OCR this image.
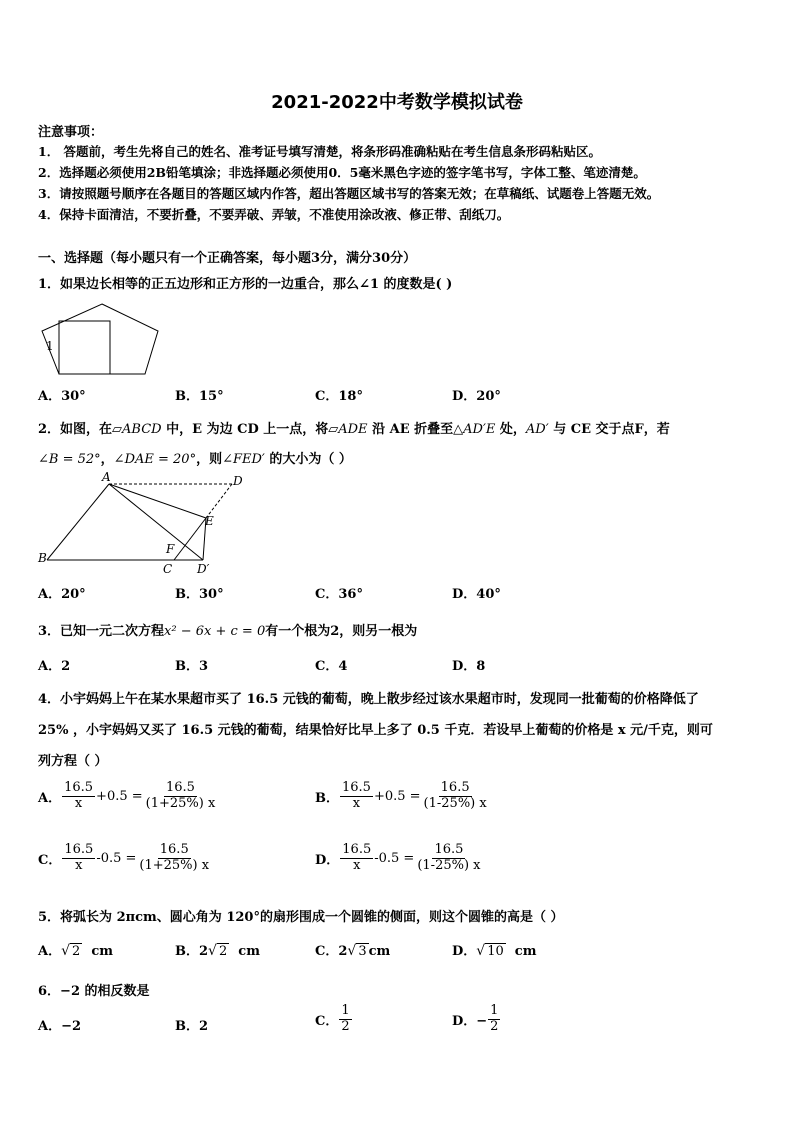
2021-2022中考数学模拟试卷
注意事项：
1． 答题前，考生先将自己的姓名、准考证号填写清楚，将条形码准确粘贴在考生信息条形码粘贴区。
2．选择题必须使用2B铅笔填涂；非选择题必须使用0．5毫米黑色字迹的签字笔书写，字体工整、笔迹清楚。
3．请按照题号顺序在各题目的答题区域内作答，超出答题区域书写的答案无效；在草稿纸、试题卷上答题无效。
4．保持卡面清洁，不要折叠，不要弄破、弄皱，不准使用涂改液、修正带、刮纸刀。
一、选择题（每小题只有一个正确答案，每小题3分，满分30分）
1．如果边长相等的正五边形和正方形的一边重合，那么∠1 的度数是( )
1
A．30°	B．15°	C．18°	D．20°
2．如图，在▱ABCD 中，E 为边 CD 上一点，将▱ADE 沿 AE 折叠至△AD′E 处，AD′ 与 CE 交于点F，若
∠B = 52°，∠DAE = 20°，则∠FED′ 的大小为（ ）
A	D
E
B
F
C D′
A．20°	B．30°	C．36°	D．40°
3．已知一元二次方程x² − 6x + c = 0有一个根为2，则另一根为
A．2	B．3	C．4	D．8
4．小宇妈妈上午在某水果超市买了 16.5 元钱的葡萄，晚上散步经过该水果超市时，发现同一批葡萄的价格降低了
25% ，小宇妈妈又买了 16.5 元钱的葡萄，结果恰好比早上多了 0.5 千克．若设早上葡萄的价格是 x 元/千克，则可
列方程（ ）
A． $\frac{16.5}{x} +0.5 = \frac{16.5}{(1+25\%) x}$	B． $\frac{16.5}{x} +0.5 = \frac{16.5}{(1-25\%) x}$
C． $\frac{16.5}{x} -0.5 = \frac{16.5}{(1+25\%) x}$	D． $\frac{16.5}{x} -0.5 = \frac{16.5}{(1-25\%) x}$
5．将弧长为 2πcm、圆心角为 120°的扇形围成一个圆锥的侧面，则这个圆锥的高是（ ）
A．√ 2  cm	B．2√ 2  cm	C．2√ 3 cm	D．√ 10  cm
6．−2 的相反数是
A．−2	B．2	C． $\frac{1}{2}$	D．− $\frac{1}{2}$
